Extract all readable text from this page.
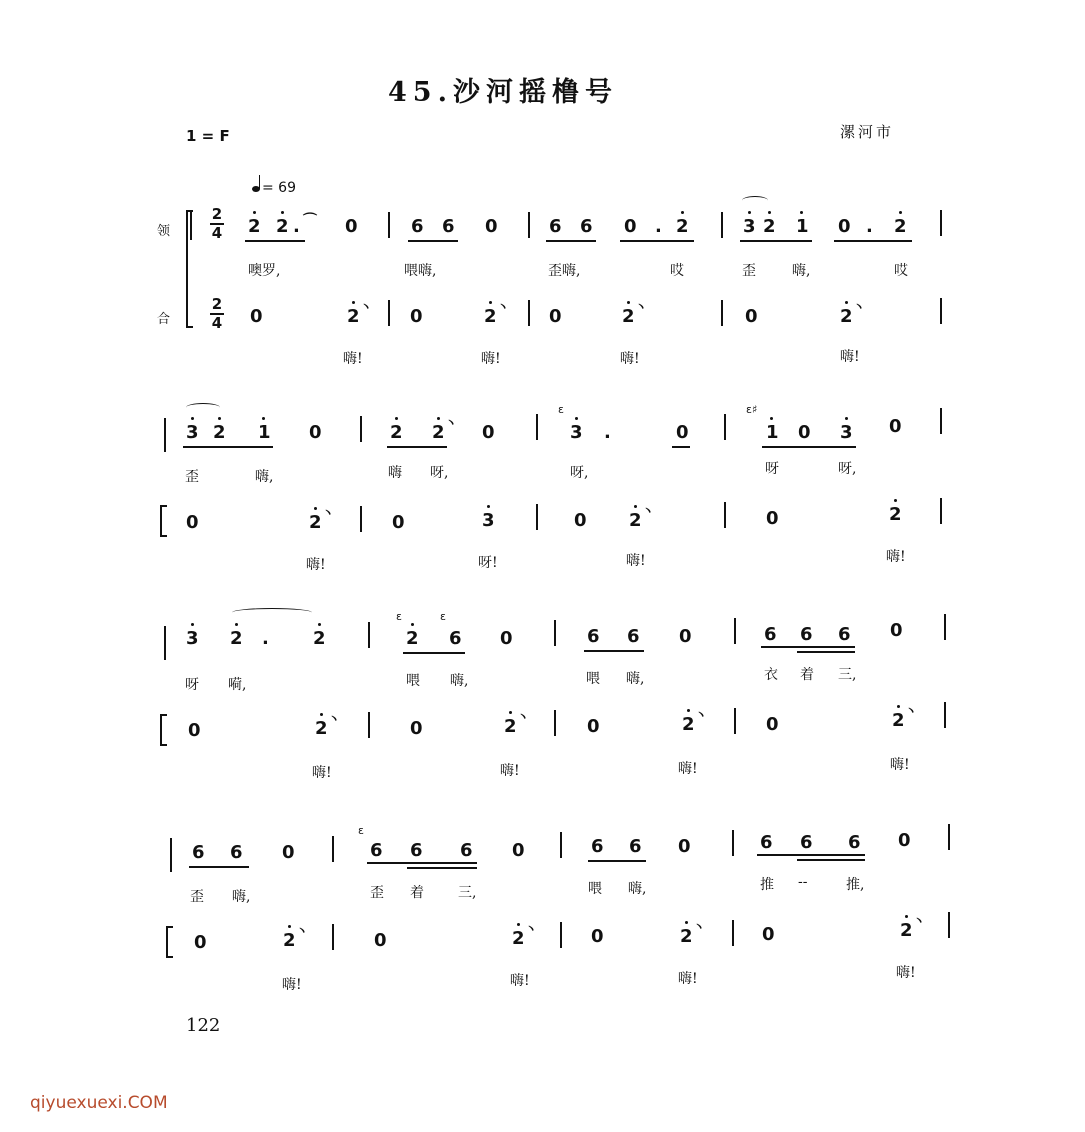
45.沙河摇橹号
1 = F	漯河市
= 69
领
合
2
4
2
4
2 2 . ⌒ 0	6 6 0	6 6 0 . 2	3 2 1 0 . 2
噢罗,	喂嗨,	歪嗨,	哎	歪	嗨,	哎
0	2 丶 0	2 丶 0	2 丶	0	2 丶
嗨!	嗨!	嗨!	嗨!
3 2 1 0	2 2 丶 0
ɛ
3 .	0
ɛ♯
1 0 3 0
歪	嗨,	嗨 呀,	呀,	呀	呀,
0	2 丶	0	3	0 2 丶	0	2
嗨!	呀!	嗨!	嗨!
3 2 . 2
ɛ	ɛ
2 6 0	6 6 0	6 6 6 0
呀 嗬,	喂 嗨,	喂 嗨,	衣 着 三,
0	2 丶	0	2 丶	0	2 丶	0	2 丶
嗨!	嗨!	嗨!	嗨!
6 6 0
ɛ
6 6 6 0	6 6 0	6 6 6 0
歪 嗨,	歪 着 三,	喂 嗨,	推 --	推,
0	2 丶	0	2 丶	0	2 丶	0	2 丶
嗨!	嗨!	嗨!	嗨!
122
qiyuexuexi.COM
